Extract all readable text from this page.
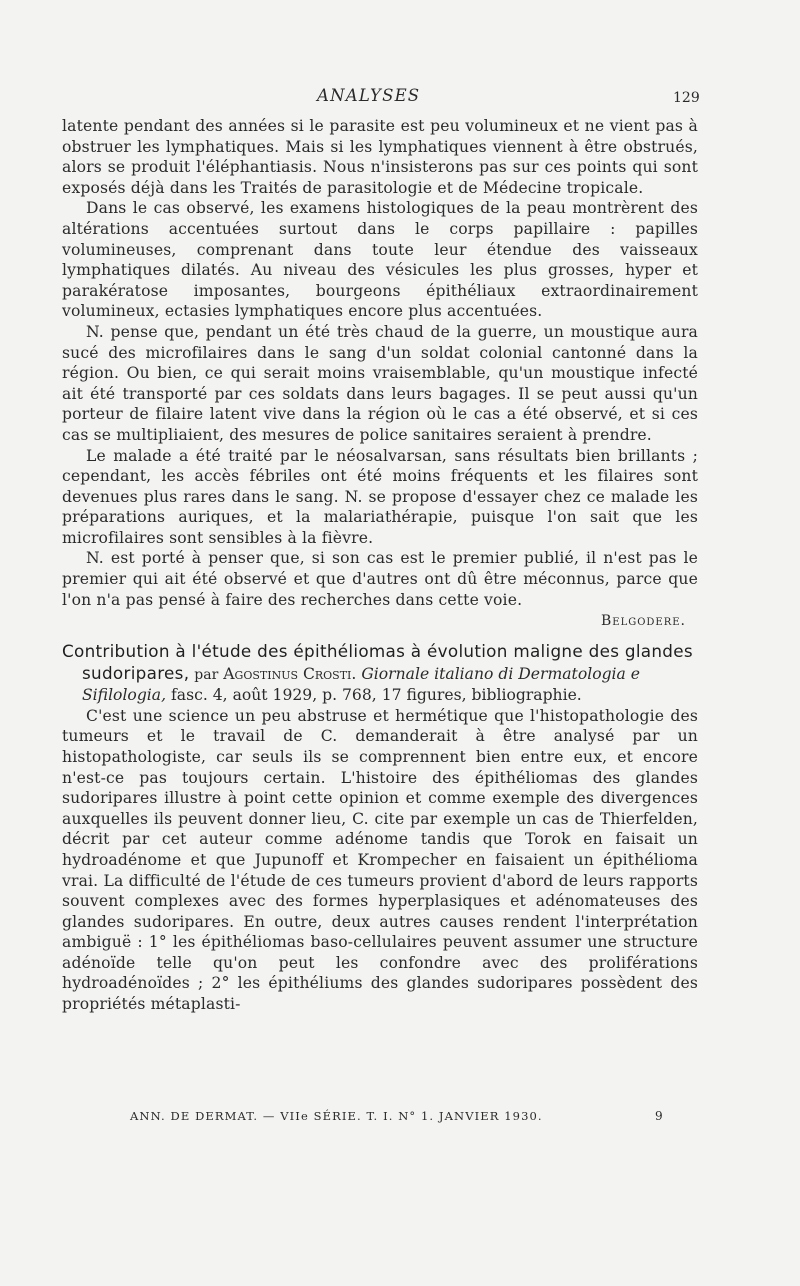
ANALYSES	129

latente pendant des années si le parasite est peu volumineux et ne vient pas à obstruer les lymphatiques. Mais si les lymphatiques viennent à être obstrués, alors se produit l'éléphantiasis. Nous n'insisterons pas sur ces points qui sont exposés déjà dans les Traités de parasitologie et de Médecine tropicale.

Dans le cas observé, les examens histologiques de la peau montrèrent des altérations accentuées surtout dans le corps papillaire : papilles volumineuses, comprenant dans toute leur étendue des vaisseaux lymphatiques dilatés. Au niveau des vésicules les plus grosses, hyper et parakératose imposantes, bourgeons épithéliaux extraordinairement volumineux, ectasies lymphatiques encore plus accentuées.

N. pense que, pendant un été très chaud de la guerre, un moustique aura sucé des microfilaires dans le sang d'un soldat colonial cantonné dans la région. Ou bien, ce qui serait moins vraisemblable, qu'un moustique infecté ait été transporté par ces soldats dans leurs bagages. Il se peut aussi qu'un porteur de filaire latent vive dans la région où le cas a été observé, et si ces cas se multipliaient, des mesures de police sanitaires seraient à prendre.

Le malade a été traité par le néosalvarsan, sans résultats bien brillants ; cependant, les accès fébriles ont été moins fréquents et les filaires sont devenues plus rares dans le sang. N. se propose d'essayer chez ce malade les préparations auriques, et la malariathérapie, puisque l'on sait que les microfilaires sont sensibles à la fièvre.

N. est porté à penser que, si son cas est le premier publié, il n'est pas le premier qui ait été observé et que d'autres ont dû être méconnus, parce que l'on n'a pas pensé à faire des recherches dans cette voie.

Belgodere.
Contribution à l'étude des épithéliomas à évolution maligne des glandes
sudoripares, par Agostinus Crosti. Giornale italiano di Dermatologia e Sifilologia, fasc. 4, août 1929, p. 768, 17 figures, bibliographie.

C'est une science un peu abstruse et hermétique que l'histopathologie des tumeurs et le travail de C. demanderait à être analysé par un histopathologiste, car seuls ils se comprennent bien entre eux, et encore n'est-ce pas toujours certain. L'histoire des épithéliomas des glandes sudoripares illustre à point cette opinion et comme exemple des divergences auxquelles ils peuvent donner lieu, C. cite par exemple un cas de Thierfelden, décrit par cet auteur comme adénome tandis que Torok en faisait un hydroadénome et que Jupunoff et Krompecher en faisaient un épithélioma vrai. La difficulté de l'étude de ces tumeurs provient d'abord de leurs rapports souvent complexes avec des formes hyperplasiques et adénomateuses des glandes sudoripares. En outre, deux autres causes rendent l'interprétation ambiguë : 1° les épithéliomas baso-cellulaires peuvent assumer une structure adénoïde telle qu'on peut les confondre avec des proliférations hydroadénoïdes ; 2° les épithéliums des glandes sudoripares possèdent des propriétés métaplasti-

ANN. DE DERMAT. — VIIe SÉRIE. T. I. N° 1. JANVIER 1930.	9
